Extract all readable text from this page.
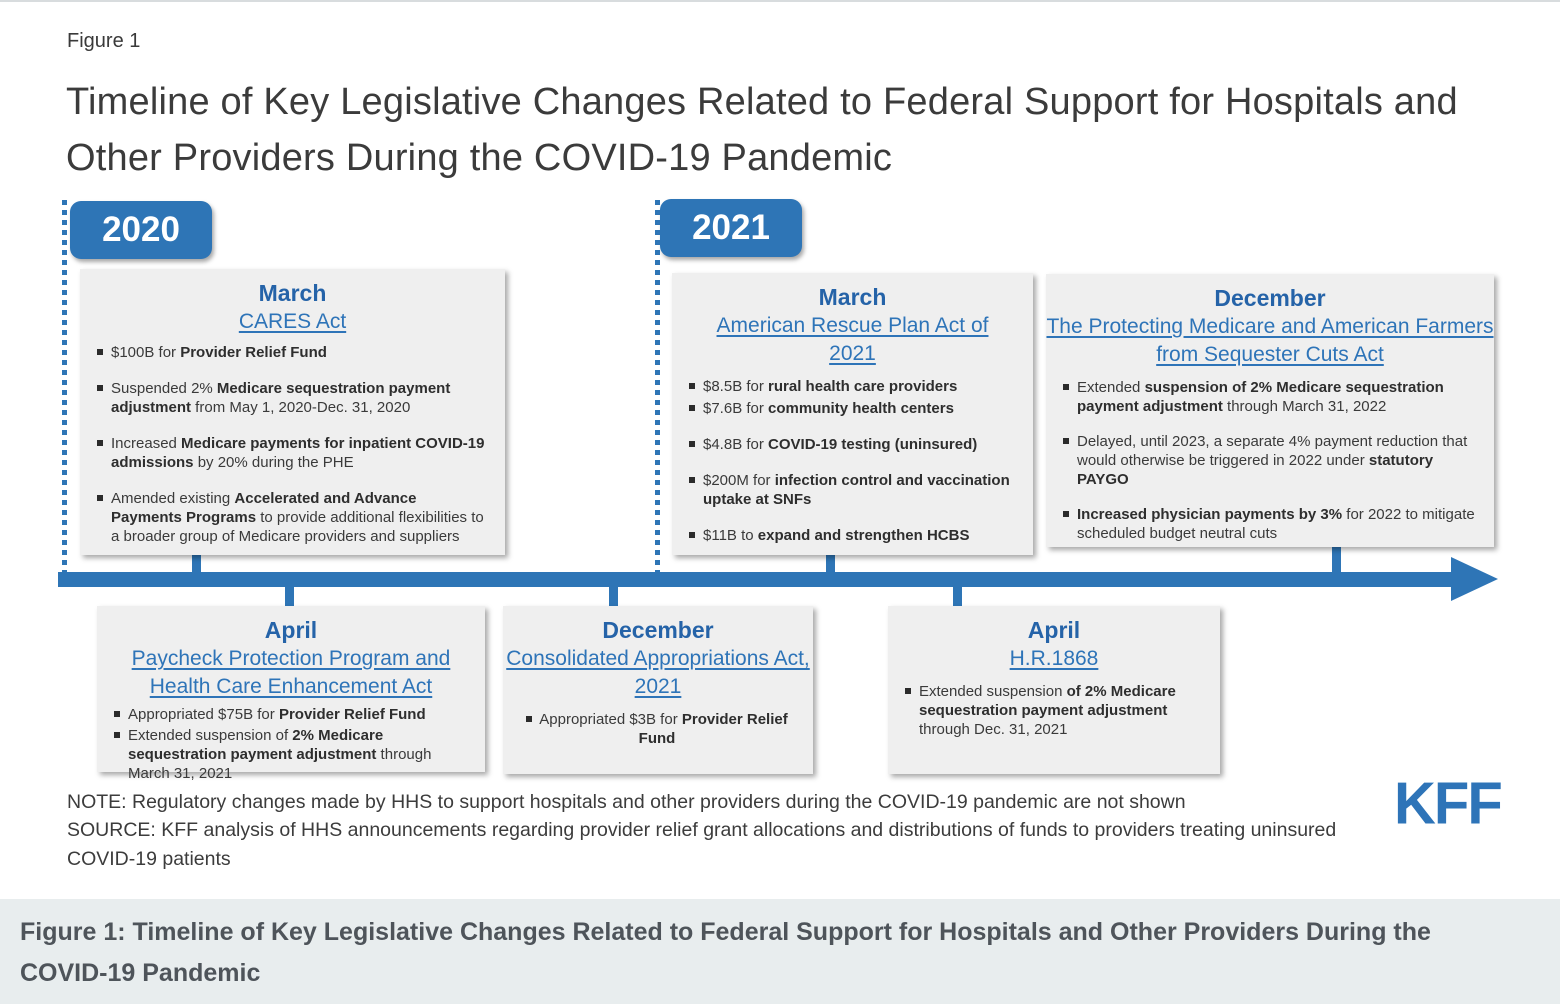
Figure 1
Timeline of Key Legislative Changes Related to Federal Support for Hospitals and Other Providers During the COVID-19 Pandemic
2020	2021
March
CARES Act
$100B for Provider Relief Fund
Suspended 2% Medicare sequestration payment adjustment from May 1, 2020-Dec. 31, 2020
Increased Medicare payments for inpatient COVID-19 admissions by 20% during the PHE
Amended existing Accelerated and Advance Payments Programs to provide additional flexibilities to a broader group of Medicare providers and suppliers
April
Paycheck Protection Program and Health Care Enhancement Act
Appropriated $75B for Provider Relief Fund
Extended suspension of 2% Medicare sequestration payment adjustment through March 31, 2021
December
Consolidated Appropriations Act, 2021
Appropriated $3B for Provider Relief Fund
March
American Rescue Plan Act of 2021
$8.5B for rural health care providers
$7.6B for community health centers
$4.8B for COVID-19 testing (uninsured)
$200M for infection control and vaccination uptake at SNFs
$11B to expand and strengthen HCBS
April
H.R.1868
Extended suspension of 2% Medicare sequestration payment adjustment through Dec. 31, 2021
December
The Protecting Medicare and American Farmers from Sequester Cuts Act
Extended suspension of 2% Medicare sequestration payment adjustment through March 31, 2022
Delayed, until 2023, a separate 4% payment reduction that would otherwise be triggered in 2022 under statutory PAYGO
Increased physician payments by 3% for 2022 to mitigate scheduled budget neutral cuts
NOTE: Regulatory changes made by HHS to support hospitals and other providers during the COVID-19 pandemic are not shown
SOURCE: KFF analysis of HHS announcements regarding provider relief grant allocations and distributions of funds to providers treating uninsured COVID-19 patients
KFF
Figure 1: Timeline of Key Legislative Changes Related to Federal Support for Hospitals and Other Providers During the COVID-19 Pandemic
